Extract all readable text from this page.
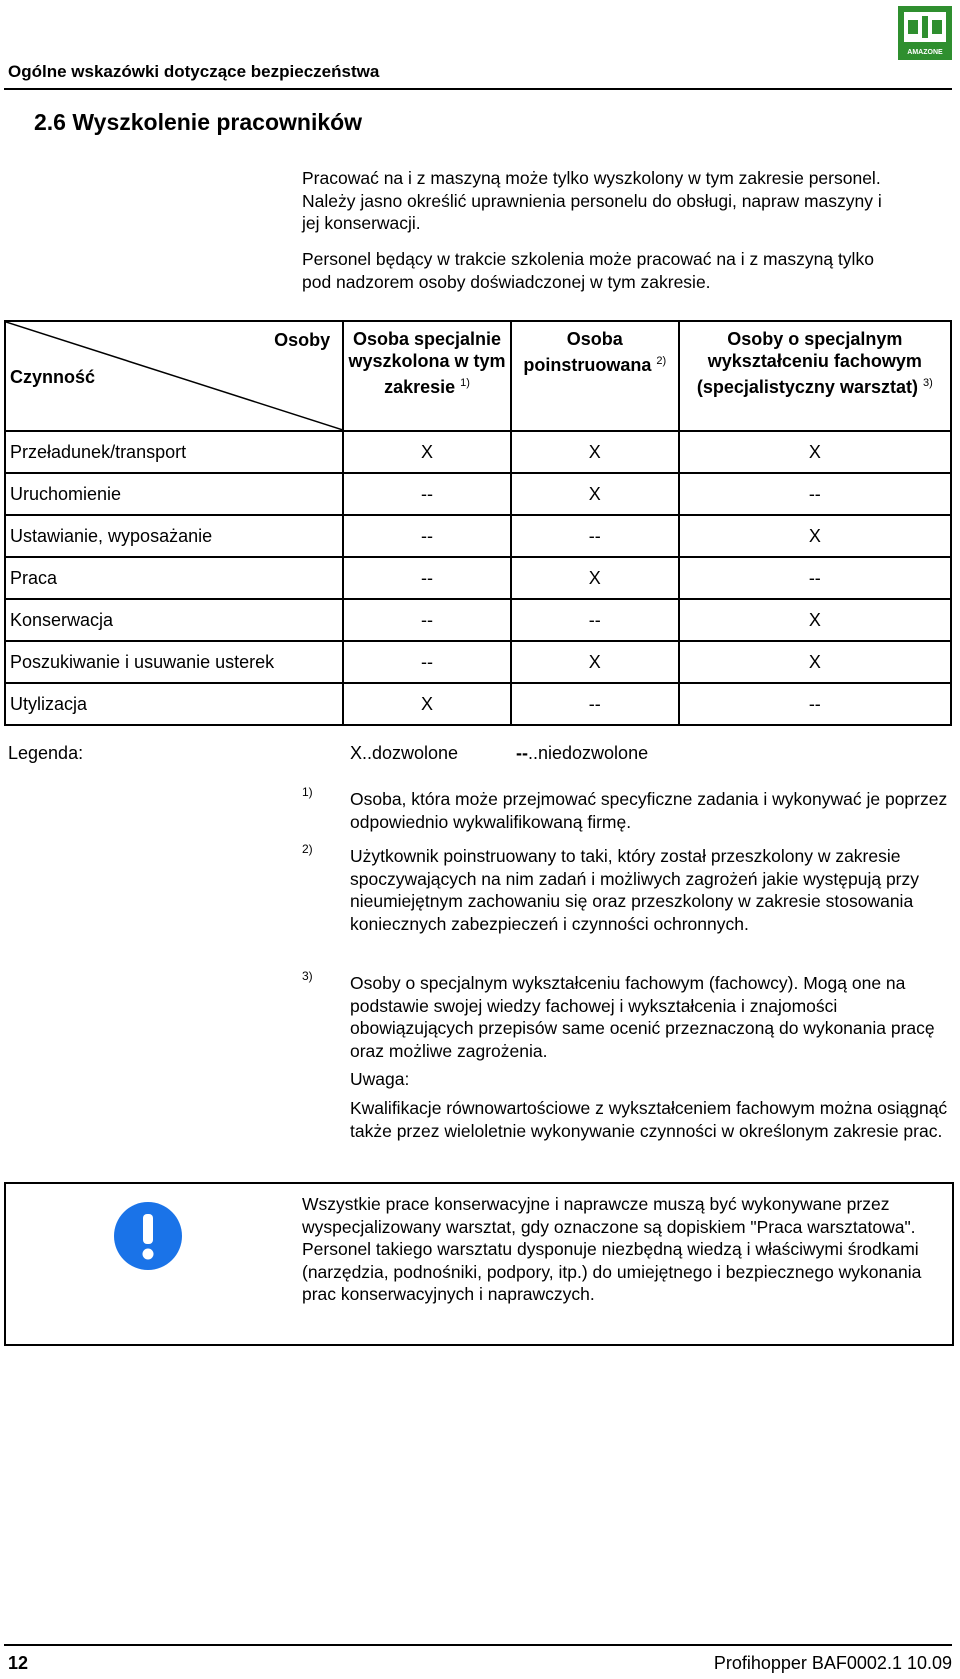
Ogólne wskazówki dotyczące bezpieczeństwa
AMAZONE
2.6 Wyszkolenie pracowników
Pracować na i z maszyną może tylko wyszkolony w tym zakresie personel. Należy jasno określić uprawnienia personelu do obsługi, napraw maszyny i jej konserwacji.
Personel będący w trakcie szkolenia może pracować na i z maszyną tylko pod nadzorem osoby doświadczonej w tym zakresie.
Osoby
Czynność	Osoba specjalnie wyszkolona w tym zakresie $^{1)}$	Osoba poinstruowana $^{2)}$	Osoby o specjalnym wykształceniu fachowym (specjalistyczny warsztat) $^{3)}$
Przeładunek/transport	X	X	X
Uruchomienie	--	X	--
Ustawianie, wyposażanie	--	--	X
Praca	--	X	--
Konserwacja	--	--	X
Poszukiwanie i usuwanie usterek	--	X	X
Utylizacja	X	--	--
Legenda:	X..dozwolone	--..niedozwolone
1) Osoba, która może przejmować specyficzne zadania i wykonywać je poprzez odpowiednio wykwalifikowaną firmę.
2) Użytkownik poinstruowany to taki, który został przeszkolony w zakresie spoczywających na nim zadań i możliwych zagrożeń jakie występują przy nieumiejętnym zachowaniu się oraz przeszkolony w zakresie stosowania koniecznych zabezpieczeń i czynności ochronnych.
3) Osoby o specjalnym wykształceniu fachowym (fachowcy). Mogą one na podstawie swojej wiedzy fachowej i wykształcenia i znajomości obowiązujących przepisów same ocenić przeznaczoną do wykonania pracę oraz możliwe zagrożenia.
Uwaga:
Kwalifikacje równowartościowe z wykształceniem fachowym można osiągnąć także przez wieloletnie wykonywanie czynności w określonym zakresie prac.
Wszystkie prace konserwacyjne i naprawcze muszą być wykonywane przez wyspecjalizowany warsztat, gdy oznaczone są dopiskiem "Praca warsztatowa". Personel takiego warsztatu dysponuje niezbędną wiedzą i właściwymi środkami (narzędzia, podnośniki, podpory, itp.) do umiejętnego i bezpiecznego wykonania prac konserwacyjnych i naprawczych.
12	Profihopper BAF0002.1 10.09
